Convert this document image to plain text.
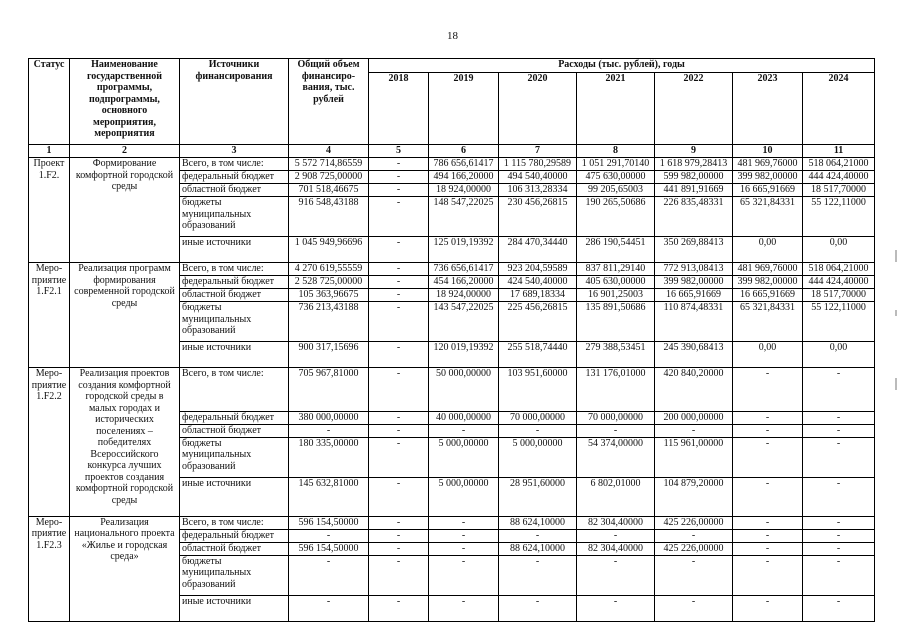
18
Статус	Наименование государственной программы, подпрограммы, основного мероприятия, мероприятия	Источники финансирования	Общий объем финансиро-вания, тыс. рублей	Расходы (тыс. рублей), годы						
				2018	2019	2020	2021	2022	2023	2024
1	2	3	4	5	6	7	8	9	10	11
Проект 1.F2.	Формирование комфортной городской среды	Всего, в том числе:	5 572 714,86559	-	786 656,61417	1 115 780,29589	1 051 291,70140	1 618 979,28413	481 969,76000	518 064,21000
		федеральный бюджет	2 908 725,00000	-	494 166,20000	494 540,40000	475 630,00000	599 982,00000	399 982,00000	444 424,40000
		областной бюджет	701 518,46675	-	18 924,00000	106 313,28334	99 205,65003	441 891,91669	16 665,91669	18 517,70000
		бюджеты муниципальных образований	916 548,43188	-	148 547,22025	230 456,26815	190 265,50686	226 835,48331	65 321,84331	55 122,11000
		иные источники	1 045 949,96696	-	125 019,19392	284 470,34440	286 190,54451	350 269,88413	0,00	0,00
Меро-приятие 1.F2.1	Реализация программ формирования современной городской среды	Всего, в том числе:	4 270 619,55559	-	736 656,61417	923 204,59589	837 811,29140	772 913,08413	481 969,76000	518 064,21000
		федеральный бюджет	2 528 725,00000	-	454 166,20000	424 540,40000	405 630,00000	399 982,00000	399 982,00000	444 424,40000
		областной бюджет	105 363,96675	-	18 924,00000	17 689,18334	16 901,25003	16 665,91669	16 665,91669	18 517,70000
		бюджеты муниципальных образований	736 213,43188	-	143 547,22025	225 456,26815	135 891,50686	110 874,48331	65 321,84331	55 122,11000
		иные источники	900 317,15696	-	120 019,19392	255 518,74440	279 388,53451	245 390,68413	0,00	0,00
Меро-приятие 1.F2.2	Реализация проектов создания комфортной городской среды в малых городах и исторических поселениях – победителях Всероссийского конкурса лучших проектов создания комфортной городской среды	Всего, в том числе:	705 967,81000	-	50 000,00000	103 951,60000	131 176,01000	420 840,20000	-	-
		федеральный бюджет	380 000,00000	-	40 000,00000	70 000,00000	70 000,00000	200 000,00000	-	-
		областной бюджет	-	-	-	-	-	-	-	-
		бюджеты муниципальных образований	180 335,00000	-	5 000,00000	5 000,00000	54 374,00000	115 961,00000	-	-
		иные источники	145 632,81000	-	5 000,00000	28 951,60000	6 802,01000	104 879,20000	-	-
Меро-приятие 1.F2.3	Реализация национального проекта «Жилье и городская среда»	Всего, в том числе:	596 154,50000	-	-	88 624,10000	82 304,40000	425 226,00000	-	-
		федеральный бюджет	-	-	-	-	-	-	-	-
		областной бюджет	596 154,50000	-	-	88 624,10000	82 304,40000	425 226,00000	-	-
		бюджеты муниципальных образований	-	-	-	-	-	-	-	-
		иные источники	-	-	-	-	-	-	-	-
